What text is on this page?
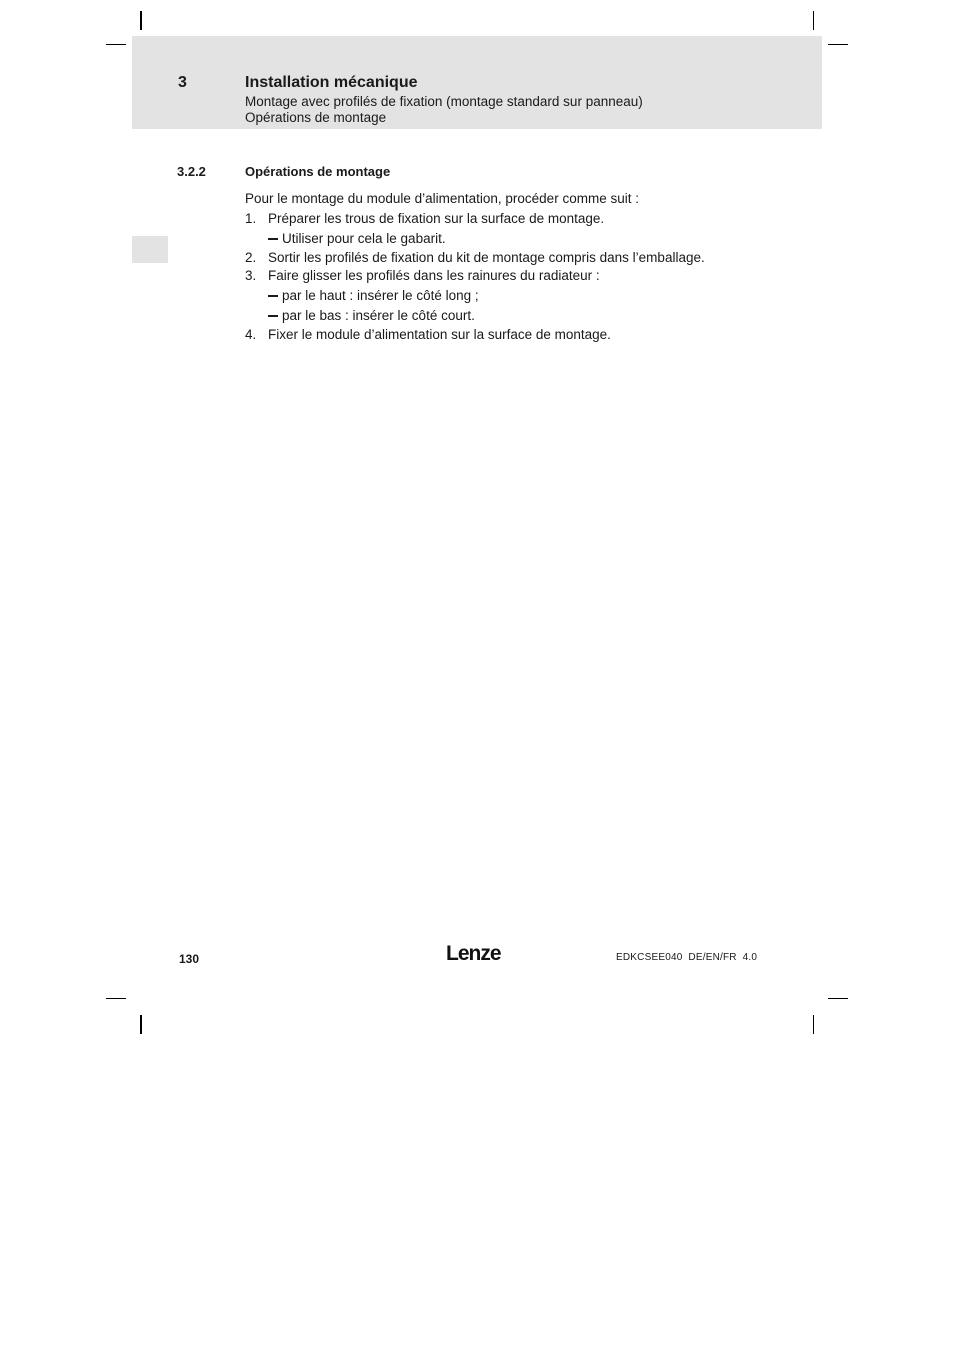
3	Installation mécanique
Montage avec profilés de fixation (montage standard sur panneau)
Opérations de montage
3.2.2	Opérations de montage
Pour le montage du module d’alimentation, procéder comme suit :
1. Préparer les trous de fixation sur la surface de montage.
Utiliser pour cela le gabarit.
2. Sortir les profilés de fixation du kit de montage compris dans l’emballage.
3. Faire glisser les profilés dans les rainures du radiateur :
par le haut : insérer le côté long ;
par le bas : insérer le côté court.
4. Fixer le module d’alimentation sur la surface de montage.
130	Lenze	EDKCSEE040  DE/EN/FR  4.0
